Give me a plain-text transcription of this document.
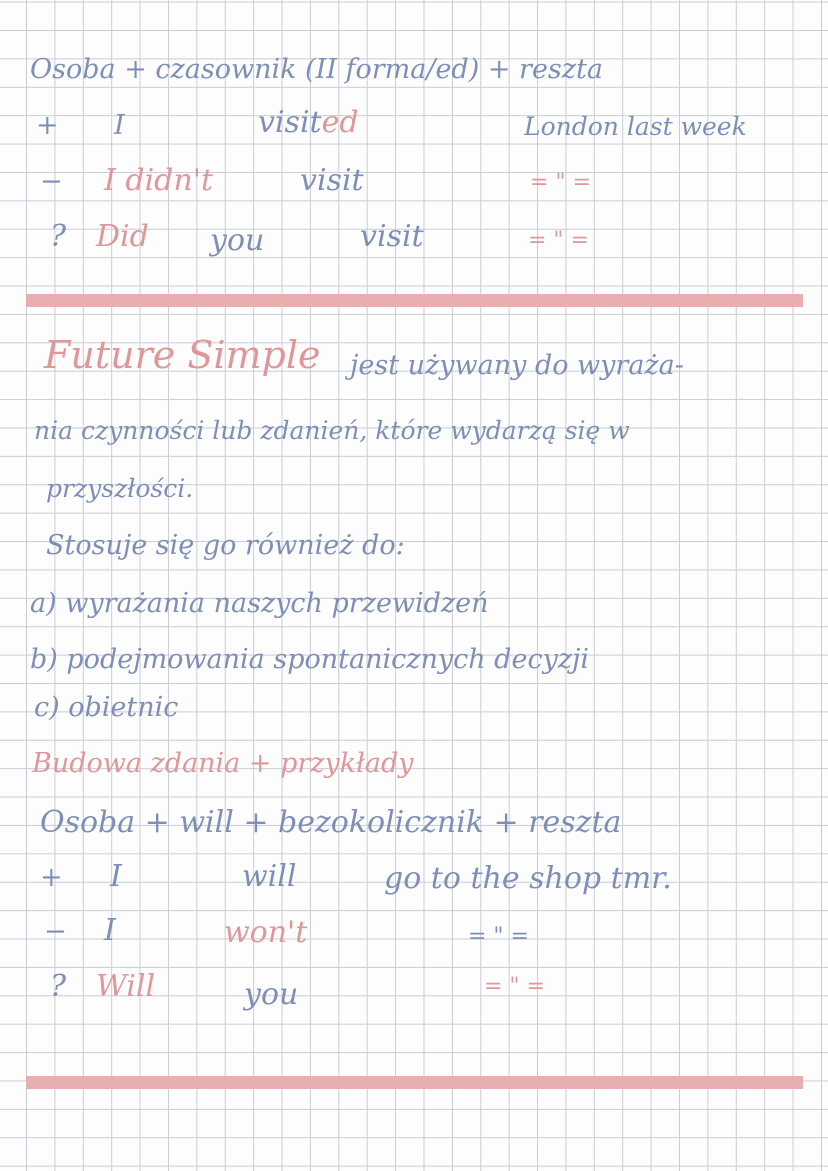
Osoba + czasownik (II forma/ed) + reszta
+ I	visited	London last week
− I didn't	visit	= " =
? Did you	visit	= " =
Future Simple jest używany do wyraża-
nia czynności lub zdanień, które wydarzą się w
przyszłości.
Stosuje się go również do:
a) wyrażania naszych przewidzeń
b) podejmowania spontanicznych decyzji
c) obietnic
Budowa zdania + przykłady
Osoba + will + bezokolicznik + reszta
+ I	will	go to the shop tmr.
− I	won't	= " =
? Will	you	= " =
